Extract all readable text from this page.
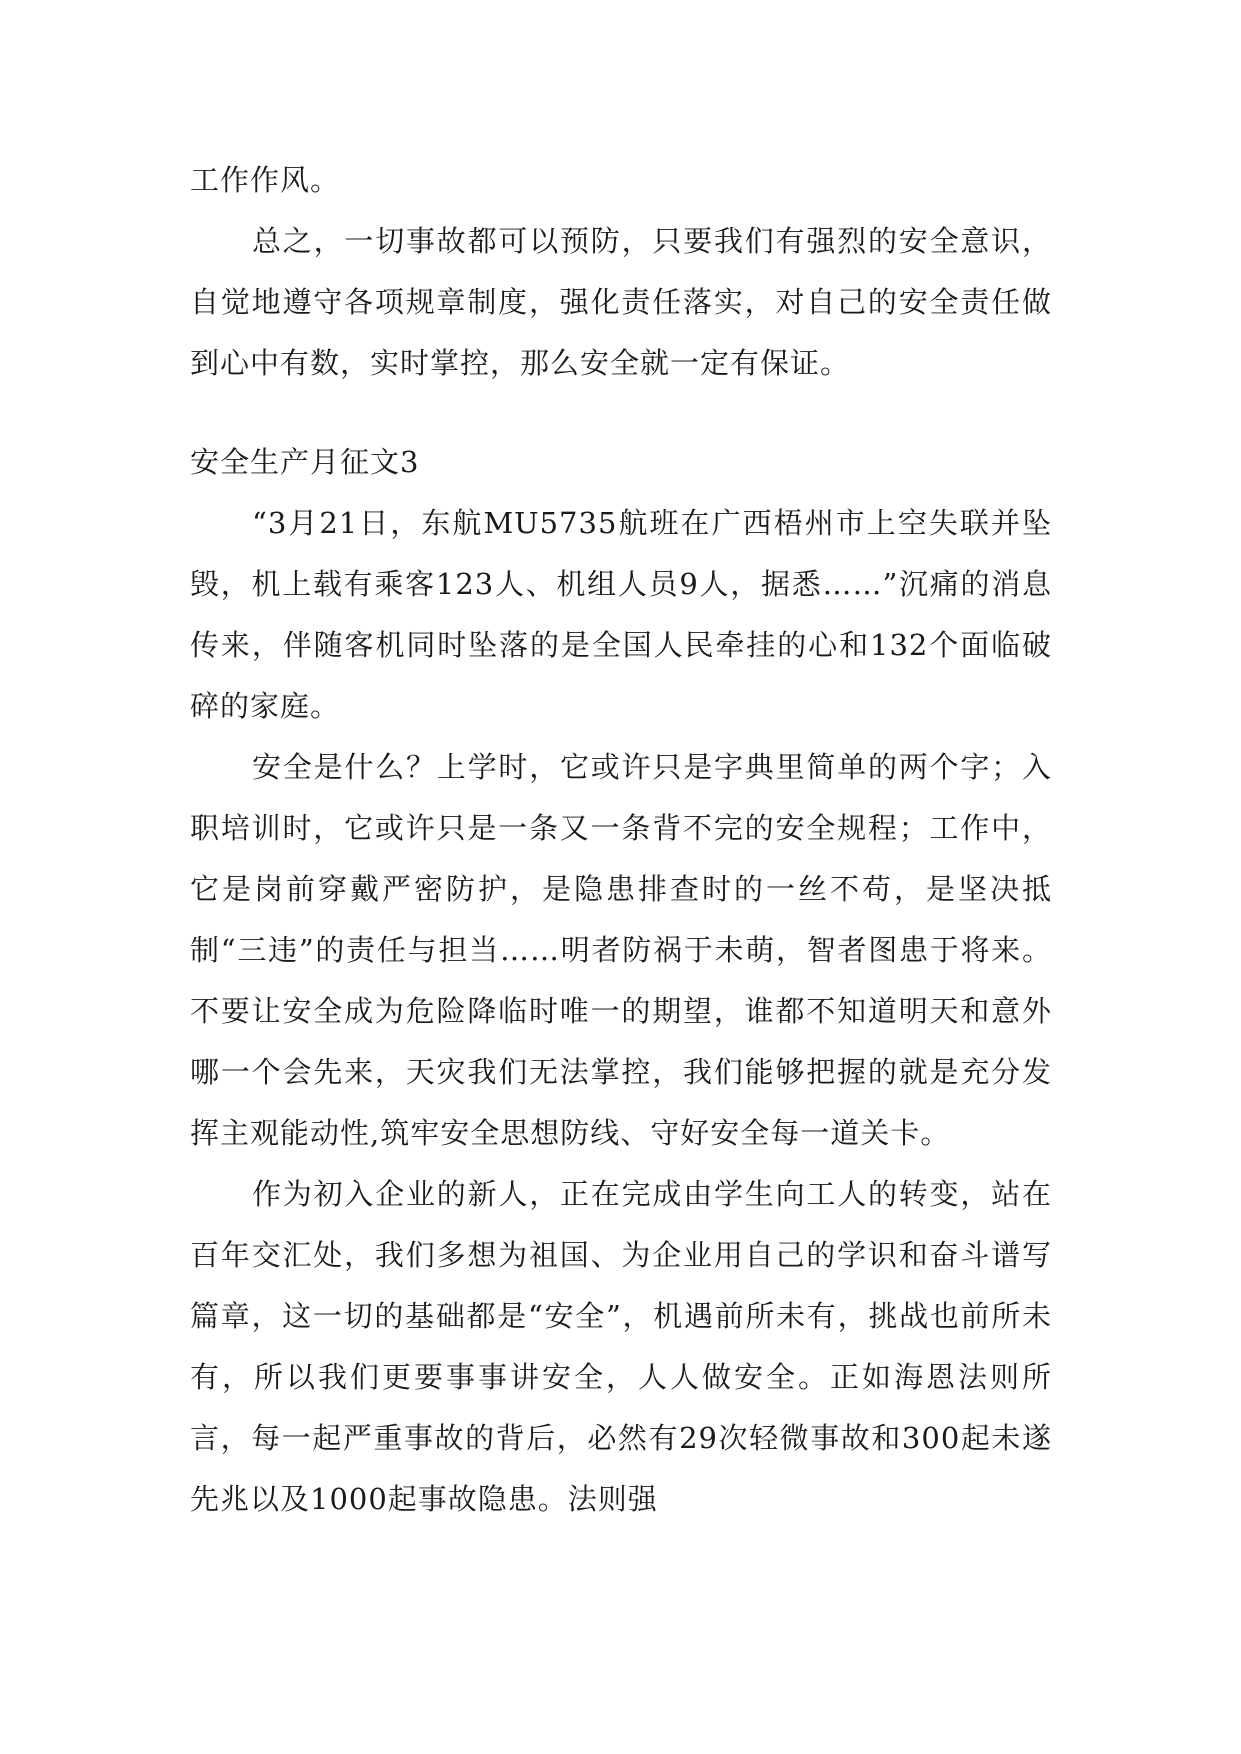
工作作风。

总之，一切事故都可以预防，只要我们有强烈的安全意识，自觉地遵守各项规章制度，强化责任落实，对自己的安全责任做到心中有数，实时掌控，那么安全就一定有保证。

安全生产月征文3

“3月21日，东航MU5735航班在广西梧州市上空失联并坠毁，机上载有乘客123人、机组人员9人，据悉……”沉痛的消息传来，伴随客机同时坠落的是全国人民牵挂的心和132个面临破碎的家庭。

安全是什么？上学时，它或许只是字典里简单的两个字；入职培训时，它或许只是一条又一条背不完的安全规程；工作中，它是岗前穿戴严密防护，是隐患排查时的一丝不苟，是坚决抵制“三违”的责任与担当……明者防祸于未萌，智者图患于将来。不要让安全成为危险降临时唯一的期望，谁都不知道明天和意外哪一个会先来，天灾我们无法掌控，我们能够把握的就是充分发挥主观能动性,筑牢安全思想防线、守好安全每一道关卡。

作为初入企业的新人，正在完成由学生向工人的转变，站在百年交汇处，我们多想为祖国、为企业用自己的学识和奋斗谱写篇章，这一切的基础都是“安全”，机遇前所未有，挑战也前所未有，所以我们更要事事讲安全，人人做安全。正如海恩法则所言，每一起严重事故的背后，必然有29次轻微事故和300起未遂先兆以及1000起事故隐患。法则强
